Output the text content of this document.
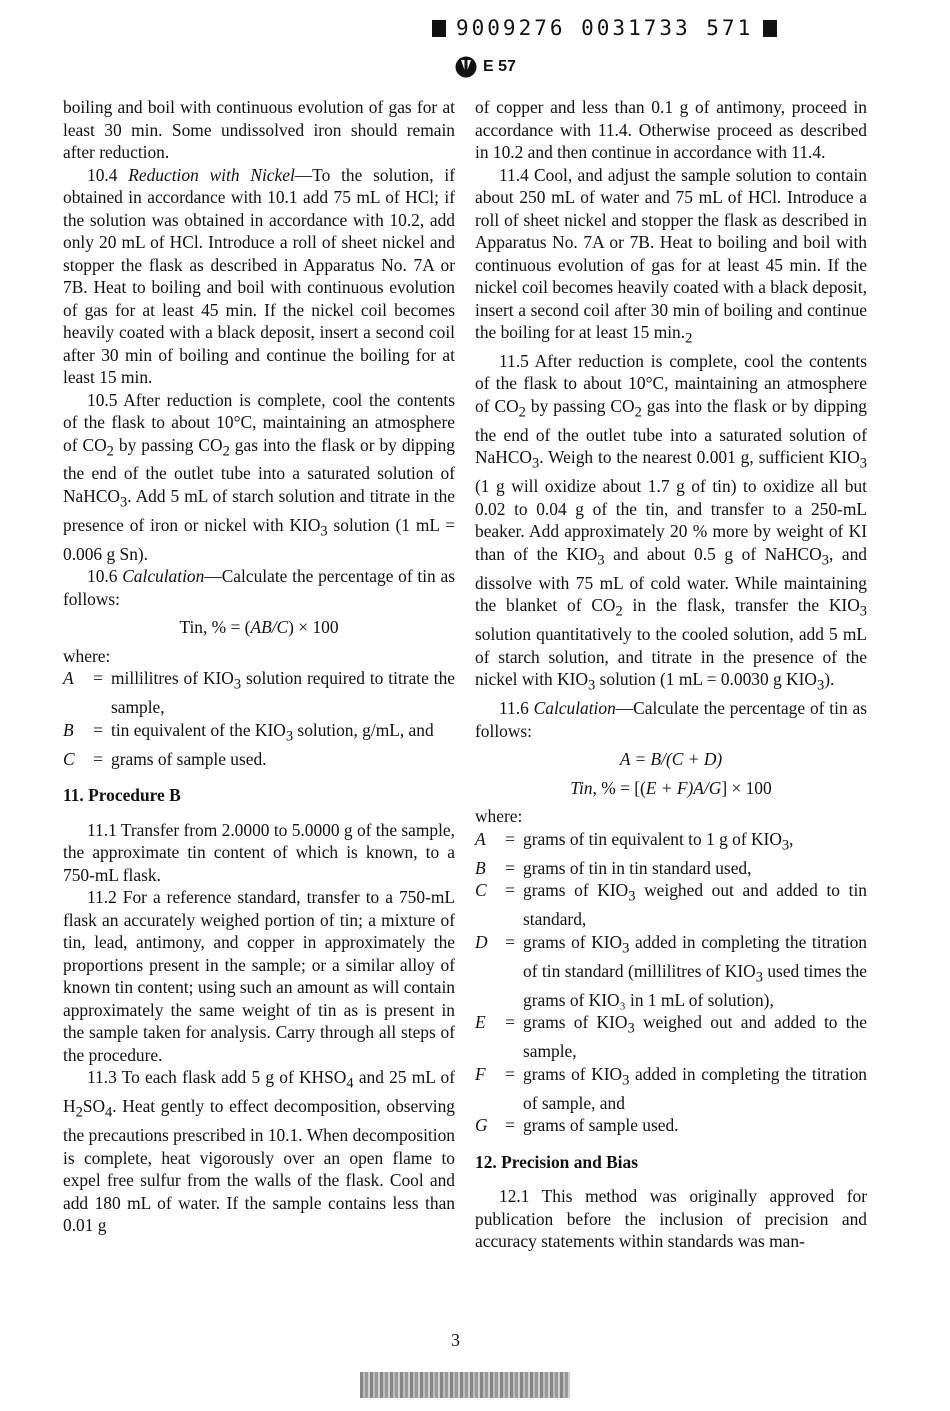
9009276 0031733 571
E 57

boiling and boil with continuous evolution of gas for at least 30 min. Some undissolved iron should remain after reduction.

10.4 Reduction with Nickel—To the solution, if obtained in accordance with 10.1 add 75 mL of HCl; if the solution was obtained in accordance with 10.2, add only 20 mL of HCl. Introduce a roll of sheet nickel and stopper the flask as described in Apparatus No. 7A or 7B. Heat to boiling and boil with continuous evolution of gas for at least 45 min. If the nickel coil becomes heavily coated with a black deposit, insert a second coil after 30 min of boiling and continue the boiling for at least 15 min.

10.5 After reduction is complete, cool the contents of the flask to about 10°C, maintaining an atmosphere of $CO_2$ by passing $CO_2$ gas into the flask or by dipping the end of the outlet tube into a saturated solution of NaHCO$_3$. Add 5 mL of starch solution and titrate in the presence of iron or nickel with $KIO_3$ solution (1 mL = 0.006 g Sn).

10.6 Calculation—Calculate the percentage of tin as follows:

Tin, % = (AB/C) × 100

where:

A	= millilitres of $KIO_3$ solution required to titrate the sample,
B	= tin equivalent of the $KIO_3$ solution, g/mL, and
C	= grams of sample used.

11. Procedure B

11.1 Transfer from 2.0000 to 5.0000 g of the sample, the approximate tin content of which is known, to a 750-mL flask.

11.2 For a reference standard, transfer to a 750-mL flask an accurately weighed portion of tin; a mixture of tin, lead, antimony, and copper in approximately the proportions present in the sample; or a similar alloy of known tin content; using such an amount as will contain approximately the same weight of tin as is present in the sample taken for analysis. Carry through all steps of the procedure.

11.3 To each flask add 5 g of $KHSO_4$ and 25 mL of $H_2SO_4$. Heat gently to effect decomposition, observing the precautions prescribed in 10.1. When decomposition is complete, heat vigorously over an open flame to expel free sulfur from the walls of the flask. Cool and add 180 mL of water. If the sample contains less than 0.01 g

of copper and less than 0.1 g of antimony, proceed in accordance with 11.4. Otherwise proceed as described in 10.2 and then continue in accordance with 11.4.

11.4 Cool, and adjust the sample solution to contain about 250 mL of water and 75 mL of HCl. Introduce a roll of sheet nickel and stopper the flask as described in Apparatus No. 7A or 7B. Heat to boiling and boil with continuous evolution of gas for at least 45 min. If the nickel coil becomes heavily coated with a black deposit, insert a second coil after 30 min of boiling and continue the boiling for at least 15 $\min._2$

11.5 After reduction is complete, cool the contents of the flask to about 10°C, maintaining an atmosphere of $CO_2$ by passing $CO_2$ gas into the flask or by dipping the end of the outlet tube into a saturated solution of NaHCO$_3$. Weigh to the nearest 0.001 g, sufficient $KIO_3$ (1 g will oxidize about 1.7 g of tin) to oxidize all but 0.02 to 0.04 g of the tin, and transfer to a 250-mL beaker. Add approximately 20 % more by weight of KI than of the $KIO_3$ and about 0.5 g of NaHCO$_3$, and dissolve with 75 mL of cold water. While maintaining the blanket of $CO_2$ in the flask, transfer the $KIO_3$ solution quantitatively to the cooled solution, add 5 mL of starch solution, and titrate in the presence of the nickel with $KIO_3$ solution (1 mL = 0.0030 g $KIO_3$).

11.6 Calculation—Calculate the percentage of tin as follows:

A = B/(C + D)

Tin, % = [(E + F)A/G] × 100

where:

A	= grams of tin equivalent to 1 g of $KIO_3$,
B	= grams of tin in tin standard used,
C	= grams of $KIO_3$ weighed out and added to tin standard,
D	= grams of $KIO_3$ added in completing the titration of tin standard (millilitres of $KIO_3$ used times the grams of KIO₃ in 1 mL of solution),
E	= grams of $KIO_3$ weighed out and added to the sample,
F	= grams of $KIO_3$ added in completing the titration of sample, and
G	= grams of sample used.

12. Precision and Bias

12.1 This method was originally approved for publication before the inclusion of precision and accuracy statements within standards was man-

3
